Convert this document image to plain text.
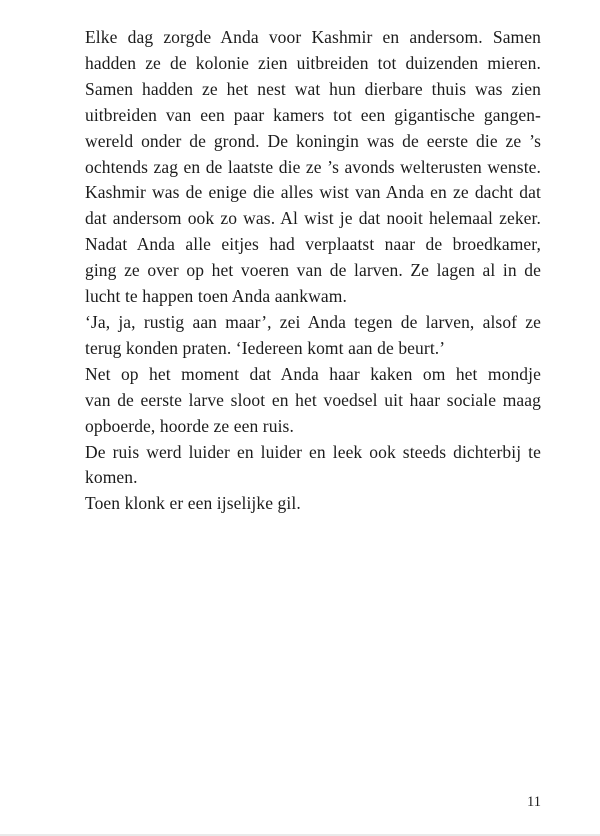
Elke dag zorgde Anda voor Kashmir en andersom. Samen
hadden ze de kolonie zien uitbreiden tot duizenden mieren.
Samen hadden ze het nest wat hun dierbare thuis was zien
uitbreiden van een paar kamers tot een gigantische gangen-
wereld onder de grond. De koningin was de eerste die ze ’s
ochtends zag en de laatste die ze ’s avonds welterusten wenste.
Kashmir was de enige die alles wist van Anda en ze dacht dat
dat andersom ook zo was. Al wist je dat nooit helemaal zeker.
Nadat Anda alle eitjes had verplaatst naar de broedkamer,
ging ze over op het voeren van de larven. Ze lagen al in de
lucht te happen toen Anda aankwam.
‘Ja, ja, rustig aan maar’, zei Anda tegen de larven, alsof ze
terug konden praten. ‘Iedereen komt aan de beurt.’
Net op het moment dat Anda haar kaken om het mondje
van de eerste larve sloot en het voedsel uit haar sociale maag
opboerde, hoorde ze een ruis.
De ruis werd luider en luider en leek ook steeds dichterbij te
komen.
Toen klonk er een ijselijke gil.
11
